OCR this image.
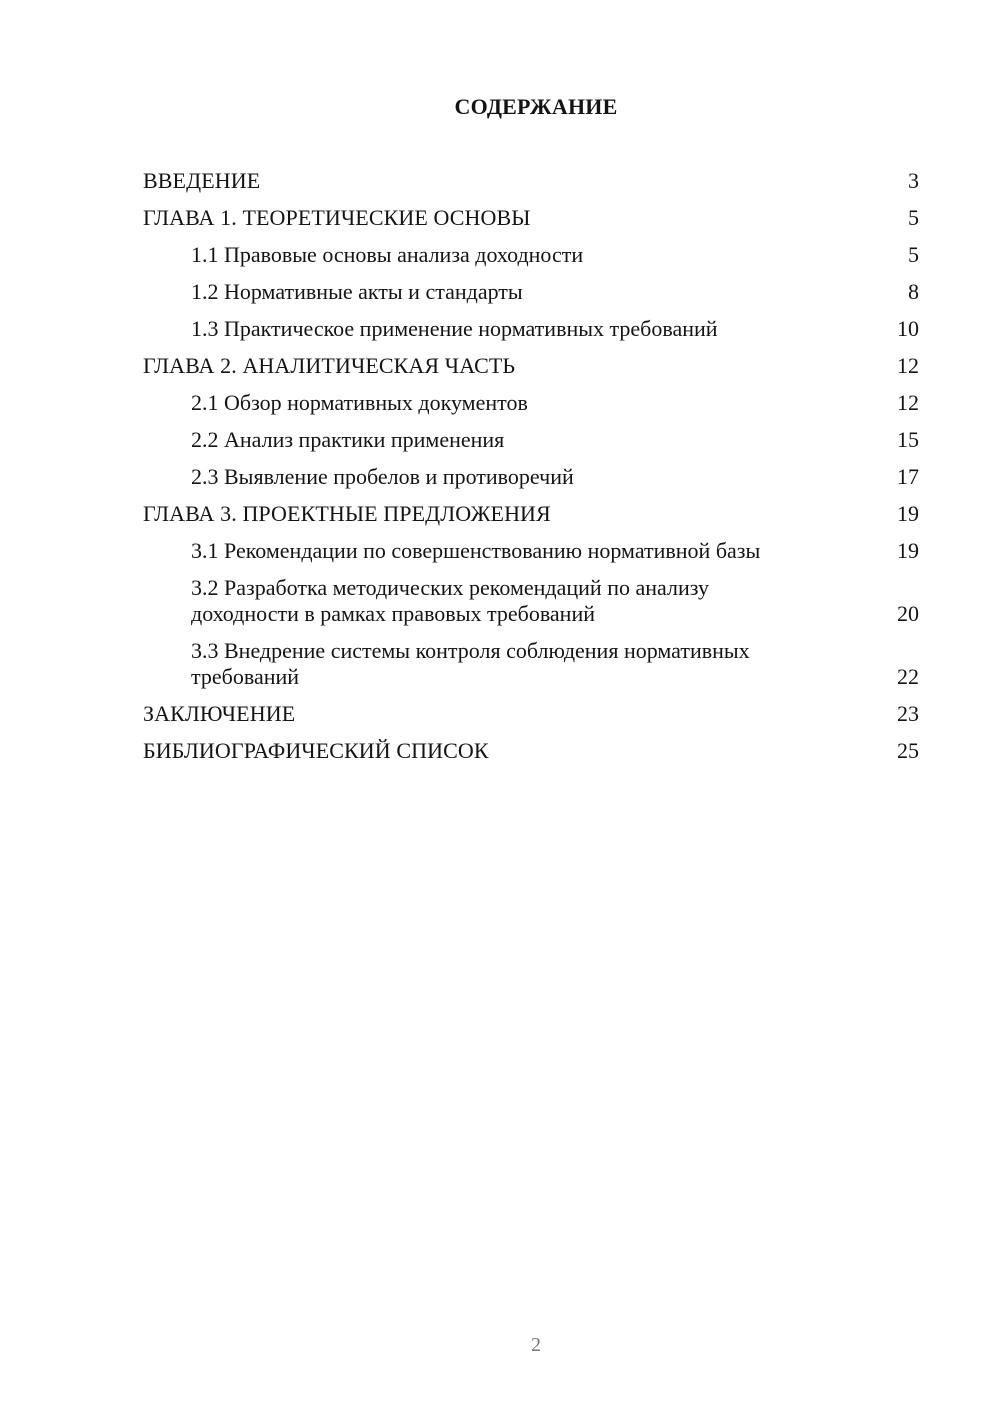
СОДЕРЖАНИЕ
ВВЕДЕНИЕ	3
ГЛАВА 1. ТЕОРЕТИЧЕСКИЕ ОСНОВЫ	5
1.1 Правовые основы анализа доходности	5
1.2 Нормативные акты и стандарты	8
1.3 Практическое применение нормативных требований	10
ГЛАВА 2. АНАЛИТИЧЕСКАЯ ЧАСТЬ	12
2.1 Обзор нормативных документов	12
2.2 Анализ практики применения	15
2.3 Выявление пробелов и противоречий	17
ГЛАВА 3. ПРОЕКТНЫЕ ПРЕДЛОЖЕНИЯ	19
3.1 Рекомендации по совершенствованию нормативной базы	19
3.2 Разработка методических рекомендаций по анализу доходности в рамках правовых требований	20
3.3 Внедрение системы контроля соблюдения нормативных требований	22
ЗАКЛЮЧЕНИЕ	23
БИБЛИОГРАФИЧЕСКИЙ СПИСОК	25
2
